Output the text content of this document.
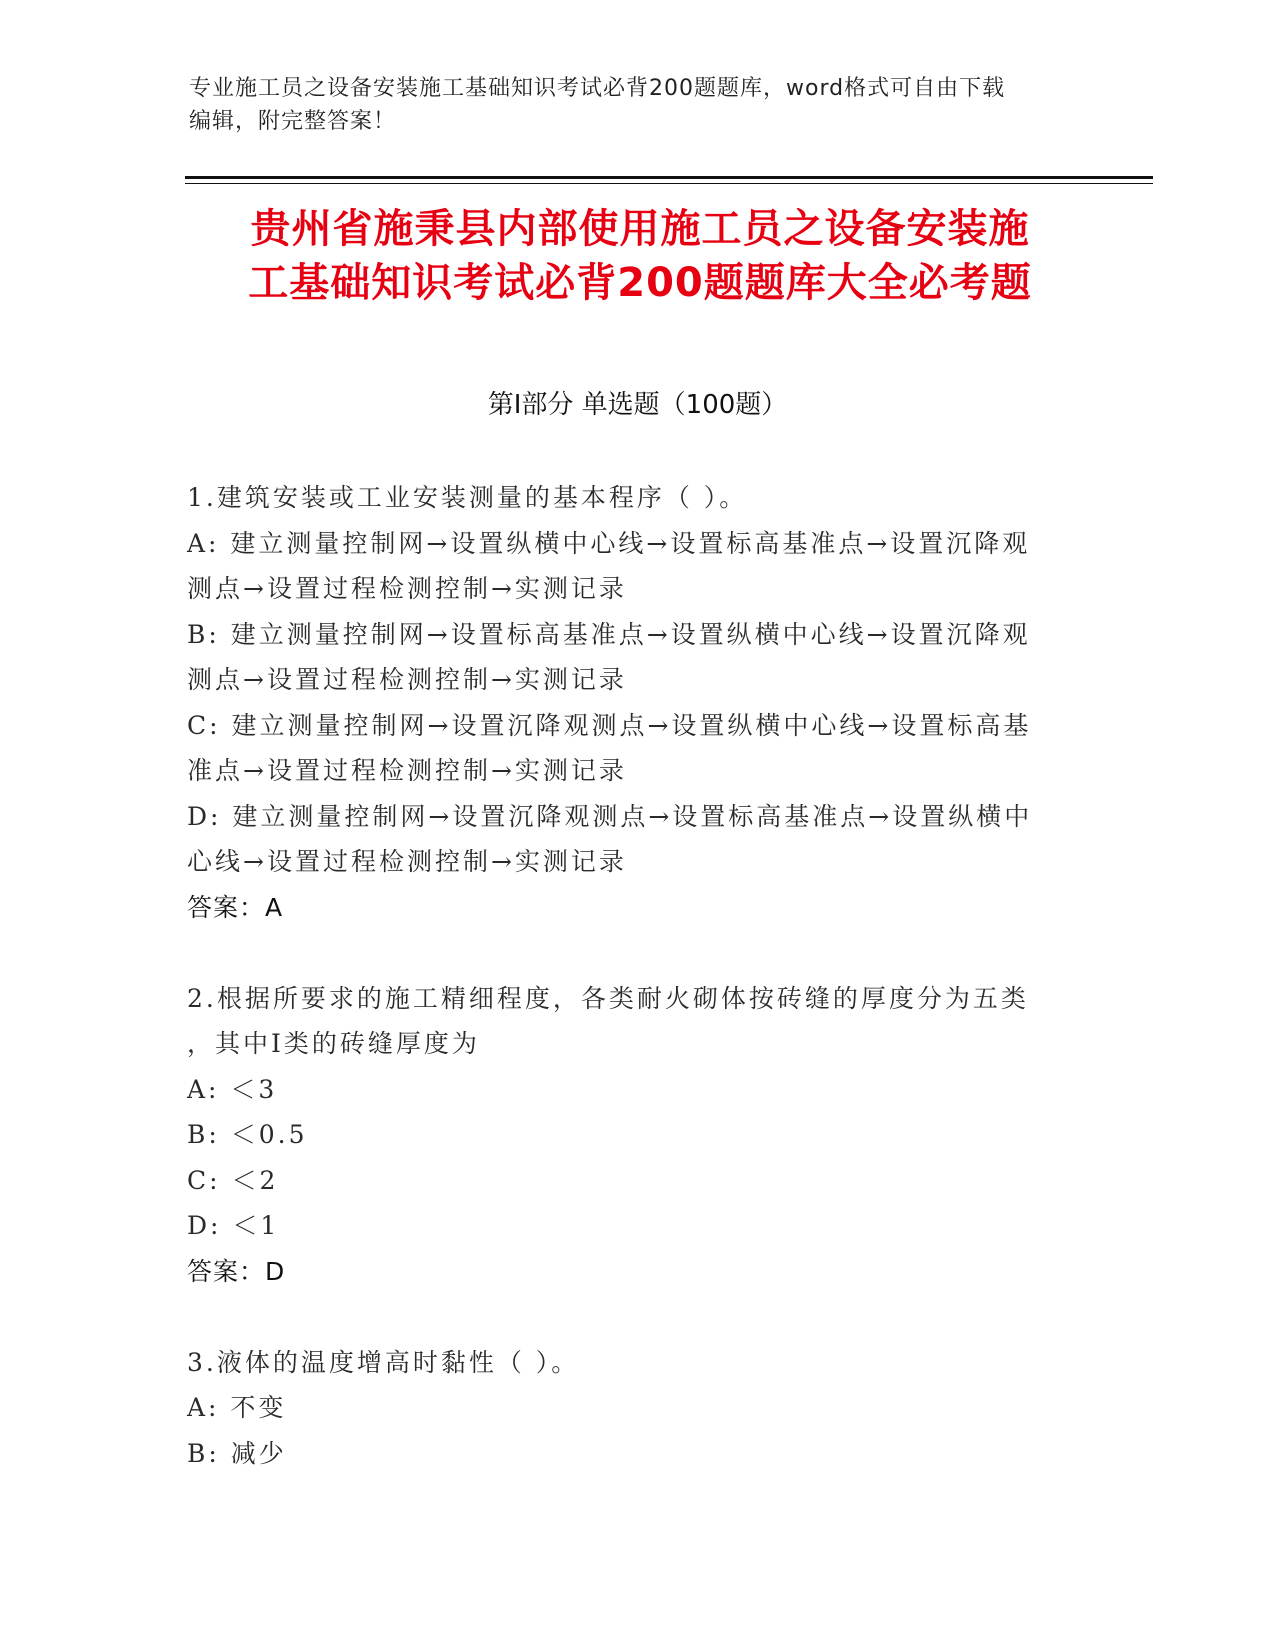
专业施工员之设备安装施工基础知识考试必背200题题库，word格式可自由下载
编辑，附完整答案！
贵州省施秉县内部使用施工员之设备安装施
工基础知识考试必背200题题库大全必考题
第Ⅰ部分 单选题（100题）
1.建筑安装或工业安装测量的基本程序（ ）。
A: 建立测量控制网→设置纵横中心线→设置标高基准点→设置沉降观
测点→设置过程检测控制→实测记录
B: 建立测量控制网→设置标高基准点→设置纵横中心线→设置沉降观
测点→设置过程检测控制→实测记录
C: 建立测量控制网→设置沉降观测点→设置纵横中心线→设置标高基
准点→设置过程检测控制→实测记录
D: 建立测量控制网→设置沉降观测点→设置标高基准点→设置纵横中
心线→设置过程检测控制→实测记录
答案：A
2.根据所要求的施工精细程度，各类耐火砌体按砖缝的厚度分为五类
，其中Ⅰ类的砖缝厚度为
A: ＜3
B: ＜0.5
C: ＜2
D: ＜1
答案：D
3.液体的温度增高时黏性（ ）。
A: 不变
B: 减少
